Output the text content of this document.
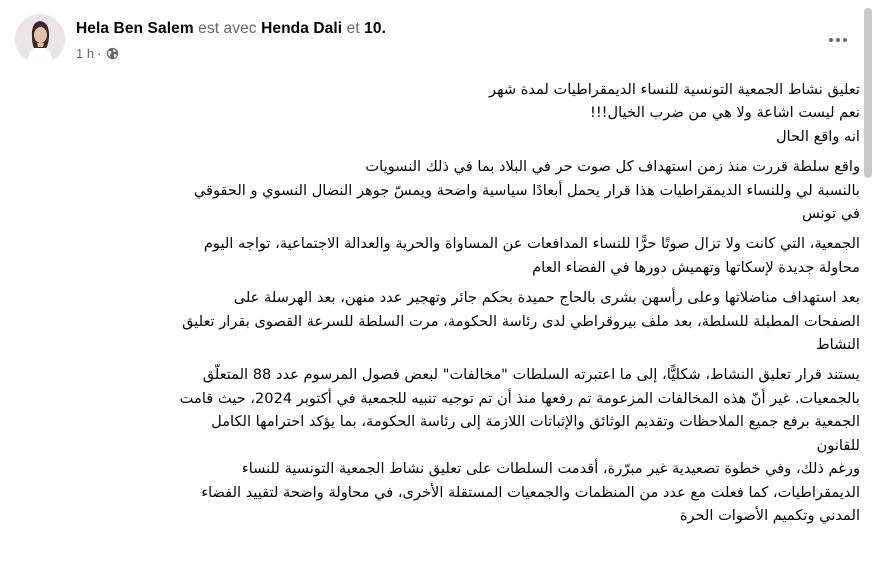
Hela Ben Salem est avec Henda Dali et 10.
1 h ·

تعليق نشاط الجمعية التونسية للنساء الديمقراطيات لمدة شهر
نعم ليست اشاعة ولا هي من ضرب الخيال!!!
انه واقع الحال

واقع سلطة قررت منذ زمن استهداف كل صوت حر في البلاد بما في ذلك النسويات
بالنسبة لي وللنساء الديمقراطيات هذا قرار يحمل أبعادًا سياسية واضحة ويمسّ جوهر النضال النسوي و الحقوقي
في تونس

الجمعية، التي كانت ولا تزال صوتًا حرًّا للنساء المدافعات عن المساواة والحرية والعدالة الاجتماعية، تواجه اليوم
محاولة جديدة لإسكاتها وتهميش دورها في الفضاء العام

بعد استهداف مناضلاتها وعلى رأسهن بشرى بالحاج حميدة بحكم جائر وتهجير عدد منهن، بعد الهرسلة على
الصفحات المطبلة للسلطة، بعد ملف بيروقراطي لدى رئاسة الحكومة، مرت السلطة للسرعة القصوى بقرار تعليق
النشاط

يستند قرار تعليق النشاط، شكليًّا، إلى ما اعتبرته السلطات "مخالفات" لبعض فصول المرسوم عدد 88 المتعلّق
بالجمعيات. غير أنّ هذه المخالفات المزعومة تم رفعها منذ أن تم توجيه تنبيه للجمعية في أكتوبر 2024، حيث قامت
الجمعية برفع جميع الملاحظات وتقديم الوثائق والإثباتات اللازمة إلى رئاسة الحكومة، بما يؤكد احترامها الكامل
للقانون
ورغم ذلك، وفي خطوة تصعيدية غير مبرّرة، أقدمت السلطات على تعليق نشاط الجمعية التونسية للنساء
الديمقراطيات، كما فعلت مع عدد من المنظمات والجمعيات المستقلة الأخرى، في محاولة واضحة لتقييد الفضاء
المدني وتكميم الأصوات الحرة
